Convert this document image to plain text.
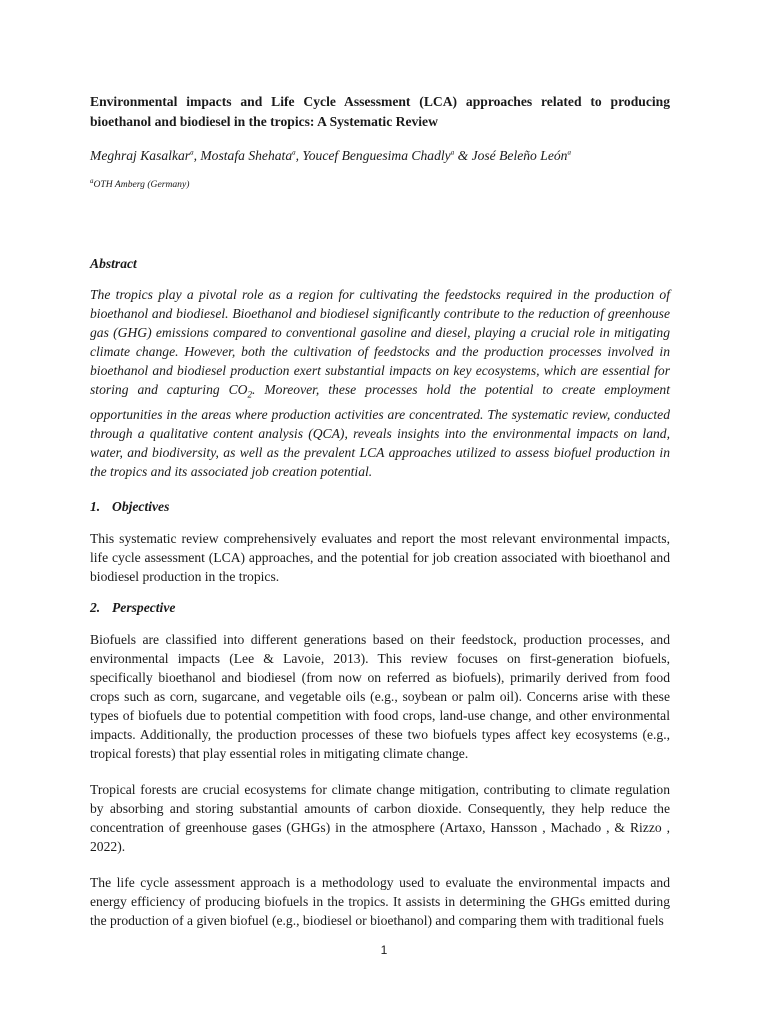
Environmental impacts and Life Cycle Assessment (LCA) approaches related to producing bioethanol and biodiesel in the tropics: A Systematic Review

Meghraj Kasalkar$^a$, Mostafa Shehata$^a$, Youcef Benguesima Chadly$^a$ & José Beleño León$^a$
$^a$OTH Amberg (Germany)
Abstract

The tropics play a pivotal role as a region for cultivating the feedstocks required in the production of bioethanol and biodiesel. Bioethanol and biodiesel significantly contribute to the reduction of greenhouse gas (GHG) emissions compared to conventional gasoline and diesel, playing a crucial role in mitigating climate change. However, both the cultivation of feedstocks and the production processes involved in bioethanol and biodiesel production exert substantial impacts on key ecosystems, which are essential for storing and capturing $CO_2$. Moreover, these processes hold the potential to create employment opportunities in the areas where production activities are concentrated. The systematic review, conducted through a qualitative content analysis (QCA), reveals insights into the environmental impacts on land, water, and biodiversity, as well as the prevalent LCA approaches utilized to assess biofuel production in the tropics and its associated job creation potential.

1. Objectives

This systematic review comprehensively evaluates and report the most relevant environmental impacts, life cycle assessment (LCA) approaches, and the potential for job creation associated with bioethanol and biodiesel production in the tropics.

2. Perspective

Biofuels are classified into different generations based on their feedstock, production processes, and environmental impacts (Lee & Lavoie, 2013). This review focuses on first-generation biofuels, specifically bioethanol and biodiesel (from now on referred as biofuels), primarily derived from food crops such as corn, sugarcane, and vegetable oils (e.g., soybean or palm oil). Concerns arise with these types of biofuels due to potential competition with food crops, land-use change, and other environmental impacts. Additionally, the production processes of these two biofuels types affect key ecosystems (e.g., tropical forests) that play essential roles in mitigating climate change.

Tropical forests are crucial ecosystems for climate change mitigation, contributing to climate regulation by absorbing and storing substantial amounts of carbon dioxide. Consequently, they help reduce the concentration of greenhouse gases (GHGs) in the atmosphere (Artaxo, Hansson , Machado , & Rizzo , 2022).

The life cycle assessment approach is a methodology used to evaluate the environmental impacts and energy efficiency of producing biofuels in the tropics. It assists in determining the GHGs emitted during the production of a given biofuel (e.g., biodiesel or bioethanol) and comparing them with traditional fuels

1
